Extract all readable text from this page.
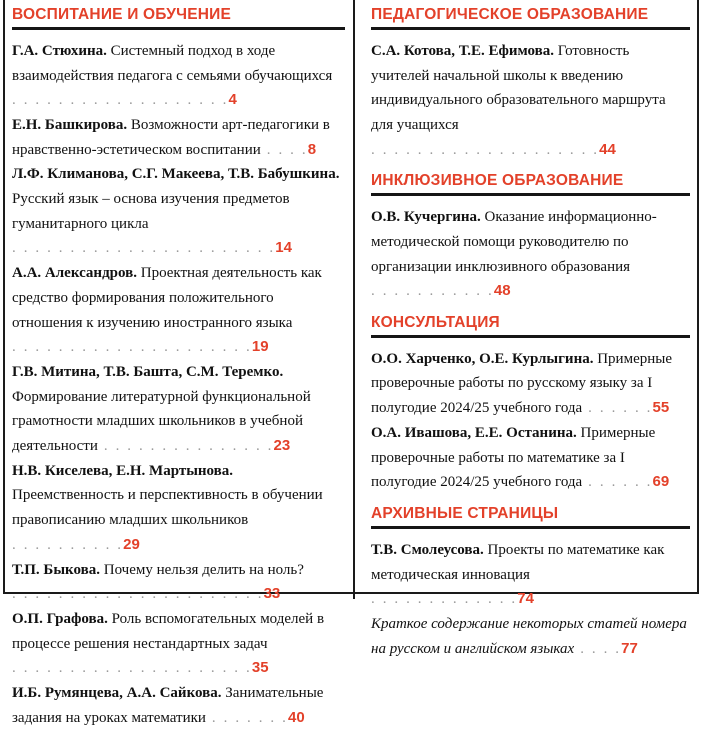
ВОСПИТАНИЕ И ОБУЧЕНИЕ

Г.А. Стюхина. Системный подход в ходе взаимодействия педагога с семьями обучающихся. . . . . . . . . . . . . . . . . . .4

Е.Н. Башкирова. Возможности арт-педагогики в нравственно-эстетическом воспитании . . . .8

Л.Ф. Климанова, С.Г. Макеева, Т.В. Бабушкина. Русский язык – основа изучения предметов гуманитарного цикла. . . . . . . . . . . . . . . . . . . . . . .14

А.А. Александров. Проектная деятельность как средство формирования положительного отношения к изучению иностранного языка. . . . . . . . . . . . . . . . . . . . .19

Г.В. Митина, Т.В. Башта, С.М. Теремко. Формирование литературной функциональной грамотности младших школьников в учебной деятельности . . . . . . . . . . . . . . .23

Н.В. Киселева, Е.Н. Мартынова. Преемственность и перспективность в обучении правописанию младших школьников. . . . . . . . . .29

Т.П. Быкова. Почему нельзя делить на ноль?. . . . . . . . . . . . . . . . . . . . . .33

О.П. Графова. Роль вспомогательных моделей в процессе решения нестандартных задач. . . . . . . . . . . . . . . . . . . . .35

И.Б. Румянцева, А.А. Сайкова. Занимательные задания на уроках математики . . . . . . .40

ПЕДАГОГИЧЕСКОЕ ОБРАЗОВАНИЕ

С.А. Котова, Т.Е. Ефимова. Готовность учителей начальной школы к введению индивидуального образовательного маршрута для учащихся. . . . . . . . . . . . . . . . . . . .44

ИНКЛЮЗИВНОЕ ОБРАЗОВАНИЕ

О.В. Кучергина. Оказание информационно-методической помощи руководителю по организации инклюзивного образования. . . . . . . . . . .48

КОНСУЛЬТАЦИЯ

О.О. Харченко, О.Е. Курлыгина. Примерные проверочные работы по русскому языку за I полугодие 2024/25 учебного года . . . . . .55

О.А. Ивашова, Е.Е. Останина. Примерные проверочные работы по математике за I полугодие 2024/25 учебного года . . . . . .69

АРХИВНЫЕ СТРАНИЦЫ

Т.В. Смолеусова. Проекты по математике как методическая инновация. . . . . . . . . . . . .74

Краткое содержание некоторых статей номера на русском и английском языках . . . .77
